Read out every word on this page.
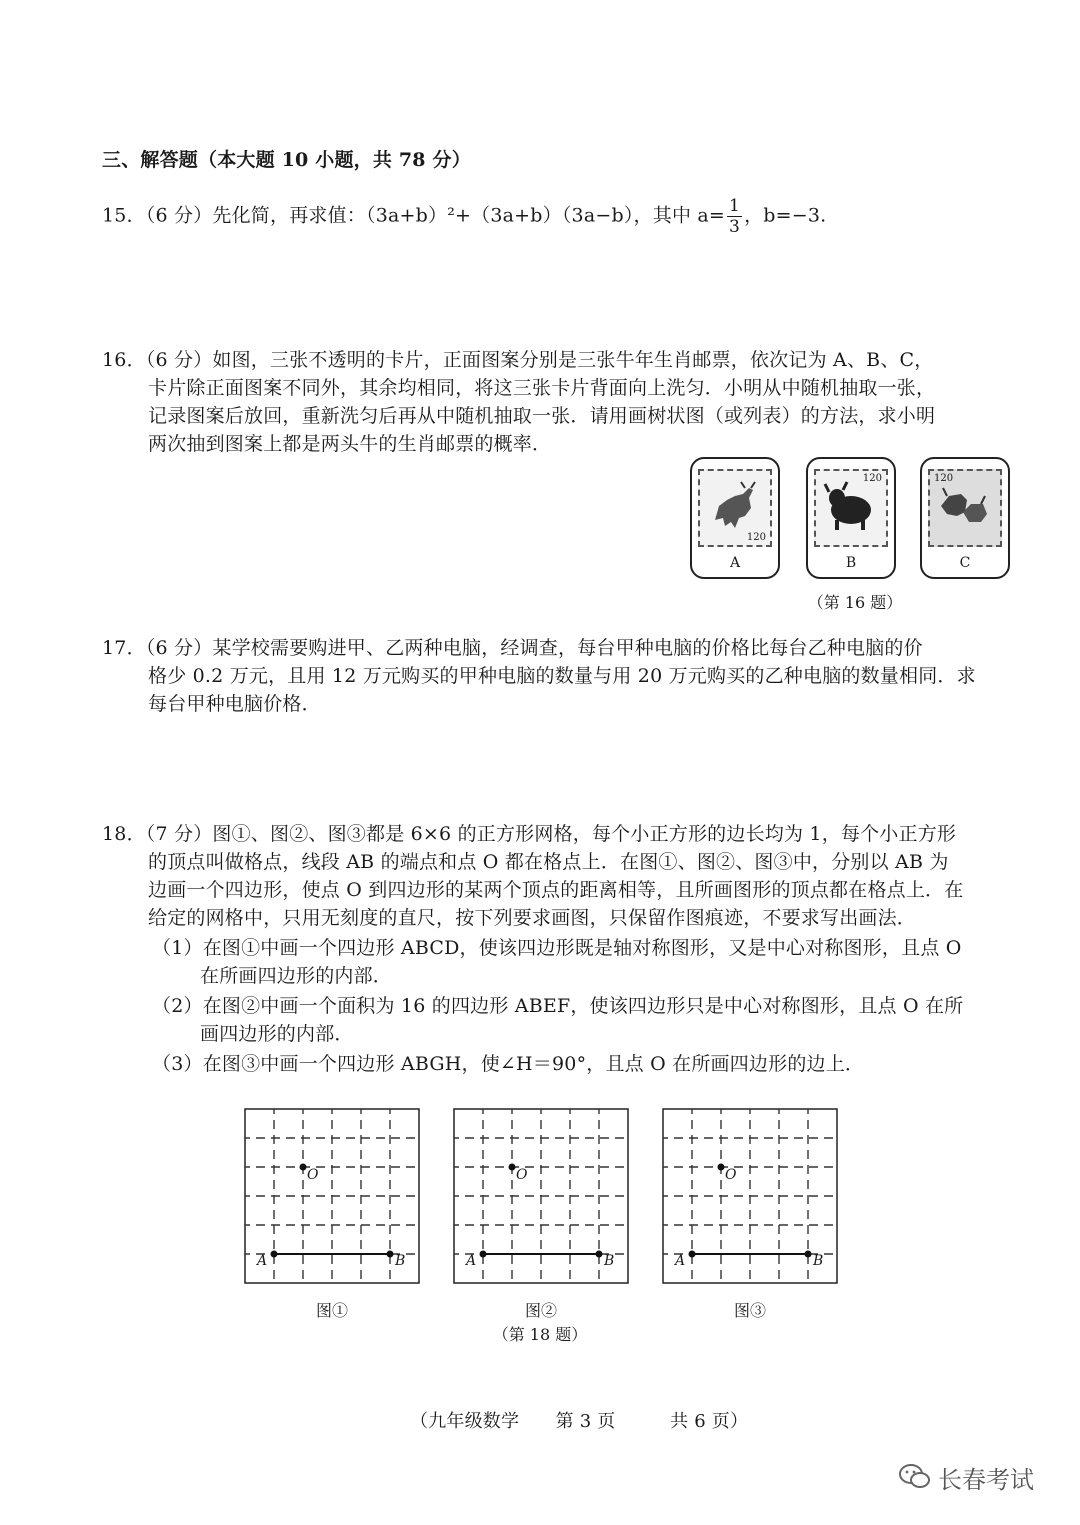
三、解答题（本大题 10 小题，共 78 分）
15．（6 分）先化简，再求值：（3a+b）²+（3a+b）（3a−b），其中 $a= \frac{1}{3}$ ，b=−3.
16．（6 分）如图，三张不透明的卡片，正面图案分别是三张牛年生肖邮票，依次记为 A、B、C，
卡片除正面图案不同外，其余均相同，将这三张卡片背面向上洗匀．小明从中随机抽取一张，
记录图案后放回，重新洗匀后再从中随机抽取一张．请用画树状图（或列表）的方法，求小明
两次抽到图案上都是两头牛的生肖邮票的概率．
120
A
120
B
120
C
（第 16 题）
17．（6 分）某学校需要购进甲、乙两种电脑，经调查，每台甲种电脑的价格比每台乙种电脑的价
格少 0.2 万元，且用 12 万元购买的甲种电脑的数量与用 20 万元购买的乙种电脑的数量相同．求
每台甲种电脑价格．
18．（7 分）图①、图②、图③都是 6×6 的正方形网格，每个小正方形的边长均为 1，每个小正方形
的顶点叫做格点，线段 AB 的端点和点 O 都在格点上．在图①、图②、图③中，分别以 AB 为
边画一个四边形，使点 O 到四边形的某两个顶点的距离相等，且所画图形的顶点都在格点上．在
给定的网格中，只用无刻度的直尺，按下列要求画图，只保留作图痕迹，不要求写出画法．
（1）在图①中画一个四边形 ABCD，使该四边形既是轴对称图形，又是中心对称图形，且点 O
在所画四边形的内部．
（2）在图②中画一个面积为 16 的四边形 ABEF，使该四边形只是中心对称图形，且点 O 在所
画四边形的内部．
（3）在图③中画一个四边形 ABGH，使∠H＝90°，且点 O 在所画四边形的边上．
O
A	B
O
A	B
O
A	B
图①	图②	图③
（第 18 题）
（九年级数学　　第 3 页　　　共 6 页）
长春考试
